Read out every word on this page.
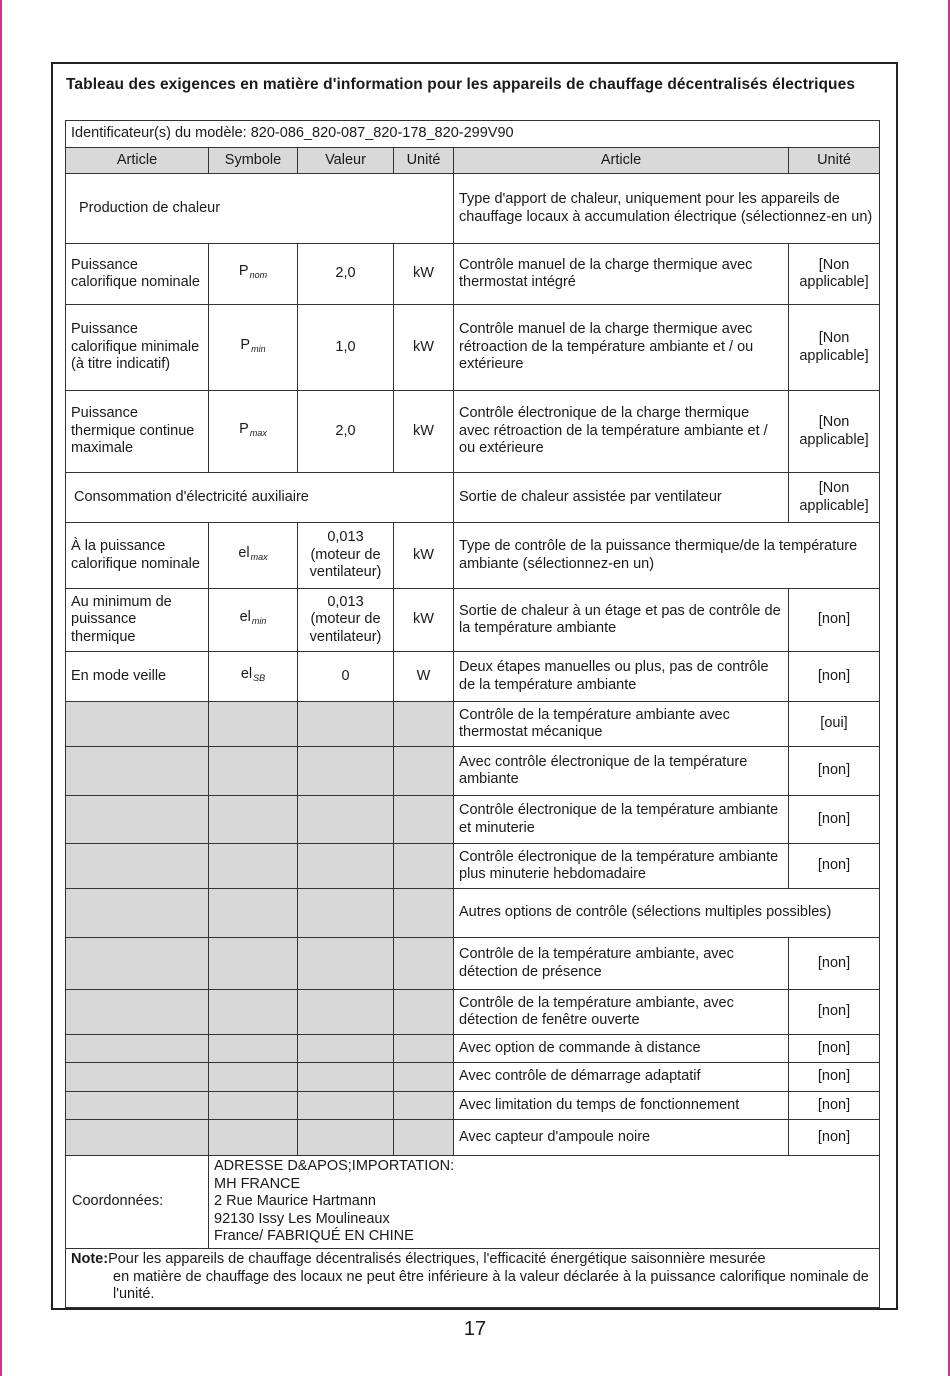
Tableau des exigences en matière d'information pour les appareils de chauffage décentralisés électriques
Identificateur(s) du modèle: 820-086_820-087_820-178_820-299V90					
Article	Symbole	Valeur	Unité	Article	Unité
Production de chaleur				Type d'apport de chaleur, uniquement pour les appareils de chauffage locaux à accumulation électrique (sélectionnez-en un)	
Puissance calorifique nominale	$P_{nom}$	2,0	kW	Contrôle manuel de la charge thermique avec thermostat intégré	[Non applicable]
Puissance calorifique minimale (à titre indicatif)	$P_{min}$	1,0	kW	Contrôle manuel de la charge thermique avec rétroaction de la température ambiante et / ou extérieure	[Non applicable]
Puissance thermique continue maximale	$P_{max}$	2,0	kW	Contrôle électronique de la charge thermique avec rétroaction de la température ambiante et / ou extérieure	[Non applicable]
Consommation d'électricité auxiliaire				Sortie de chaleur assistée par ventilateur	[Non applicable]
À la puissance calorifique nominale	$el_{max}$	0,013 (moteur de ventilateur)	kW	Type de contrôle de la puissance thermique/de la température ambiante (sélectionnez-en un)	
Au minimum de puissance thermique	$el_{min}$	0,013 (moteur de ventilateur)	kW	Sortie de chaleur à un étage et pas de contrôle de la température ambiante	[non]
En mode veille	$el_{SB}$	0	W	Deux étapes manuelles ou plus, pas de contrôle de la température ambiante	[non]
				Contrôle de la température ambiante avec thermostat mécanique	[oui]
				Avec contrôle électronique de la température ambiante	[non]
				Contrôle électronique de la température ambiante et minuterie	[non]
				Contrôle électronique de la température ambiante plus minuterie hebdomadaire	[non]
				Autres options de contrôle (sélections multiples possibles)	
				Contrôle de la température ambiante, avec détection de présence	[non]
				Contrôle de la température ambiante, avec détection de fenêtre ouverte	[non]
				Avec option de commande à distance	[non]
				Avec contrôle de démarrage adaptatif	[non]
				Avec limitation du temps de fonctionnement	[non]
				Avec capteur d'ampoule noire	[non]
Coordonnées:	ADRESSE D&APOS;IMPORTATION:
MH FRANCE
2 Rue Maurice Hartmann
92130 Issy Les Moulineaux
France/ FABRIQUÉ EN CHINE				

Note:Pour les appareils de chauffage décentralisés électriques, l'efficacité énergétique saisonnière mesurée
en matière de chauffage des locaux ne peut être inférieure à la valeur déclarée à la puissance calorifique nominale de l'unité.					
17
